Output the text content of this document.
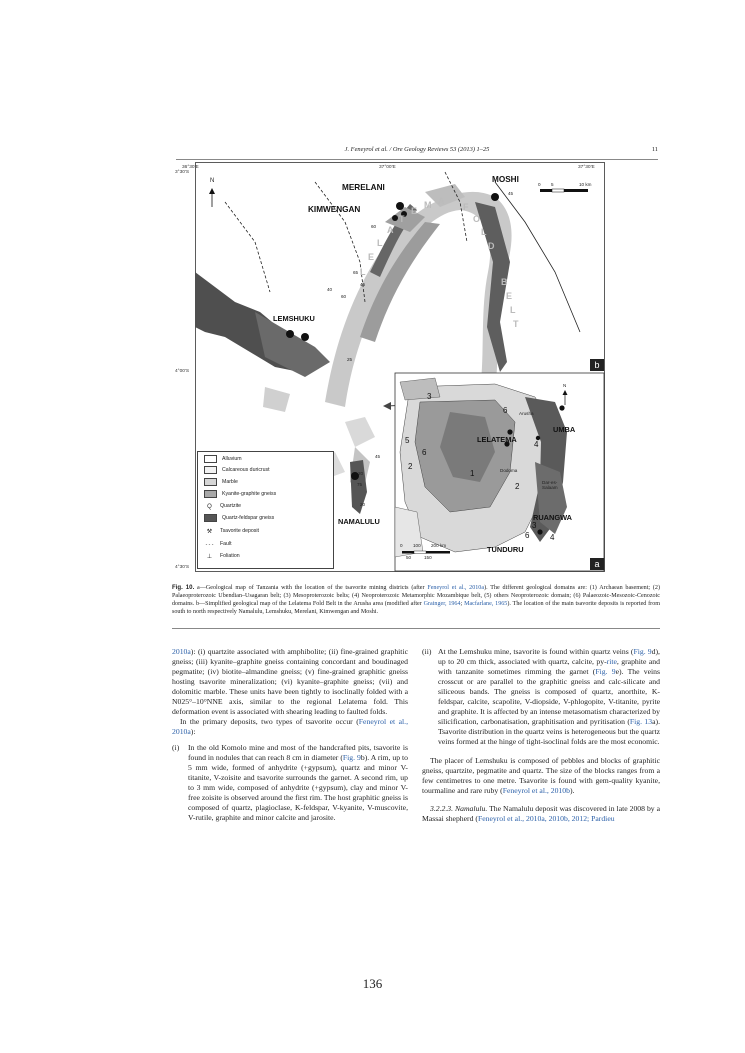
J. Feneyrol et al. / Ore Geology Reviews 53 (2013) 1–25	11
36°30'E	37°00'E	37°30'E
N
0 5	10 km
MERELANI
KIMWENGAN
MOSHI
LEMSHUKU
NAMALULU
L
E
L
A
T
E
M A
F
O
L
D
B
E
L
T
45
60
65
45
60
40
75
20
20
25
45
b
a
3°30'S
4°00'S
4°30'S
UMBA
LELATEMA
RUANGWA
TUNDURU
Arusha
Dodoma
Dar-es-
Salaam
N
3
6
5
6
2
1
2
4
6
3
4
0 100 200 km
50	150
Alluvium
Calcareous duricrust
Marble
Kyanite-graphite gneiss
Q Quartzite
Quartz-feldspar gneiss
⚒ Tsavorite deposit
- - - Fault
⊥ Foliation
Fig. 10. a—Geological map of Tanzania with the location of the tsavorite mining districts (after Feneyrol et al., 2010a). The different geological domains are: (1) Archaean basement; (2) Palaeoproterozoic Ubendian–Usagaran belt; (3) Mesoproterozoic belts; (4) Neoproterozoic Metamorphic Mozambique belt, (5) others Neoproterozoic domain; (6) Palaeozoic-Mesozoic-Cenozoic domains. b—Simplified geological map of the Lelatema Fold Belt in the Arusha area (modified after Grainger, 1964; Macfarlane, 1965). The location of the main tsavorite deposits is reported from south to north respectively Namalulu, Lemshuku, Merelani, Kimwengan and Moshi.

2010a): (i) quartzite associated with amphibolite; (ii) fine-grained graphitic gneiss; (iii) kyanite–graphite gneiss containing concordant and boudinaged pegmatite; (iv) biotite–almandine gneiss; (v) fine-grained graphitic gneiss hosting tsavorite mineralization; (vi) kyanite–graphite gneiss; (vii) and dolomitic marble. These units have been tightly to isoclinally folded with a N025°–10°NNE axis, similar to the regional Lelatema fold. This deformation event is associated with shearing leading to faulted folds.

In the primary deposits, two types of tsavorite occur (Feneyrol et al., 2010a):

(i) In the old Komolo mine and most of the handcrafted pits, tsavorite is found in nodules that can reach 8 cm in diameter (Fig. 9b). A rim, up to 5 mm wide, formed of anhydrite (+gypsum), quartz and minor V-titanite, V-zoisite and tsavorite surrounds the garnet. A second rim, up to 3 mm wide, composed of anhydrite (+gypsum), clay and minor V-free zoisite is observed around the first rim. The host graphitic gneiss is composed of quartz, plagioclase, K-feldspar, V-kyanite, V-muscovite, V-rutile, graphite and minor calcite and jarosite.
(ii) At the Lemshuku mine, tsavorite is found within quartz veins (Fig. 9d), up to 20 cm thick, associated with quartz, calcite, py-rite, graphite and with tanzanite sometimes rimming the garnet (Fig. 9e). The veins crosscut or are parallel to the graphitic gneiss and calc-silicate and siliceous bands. The gneiss is composed of quartz, anorthite, K-feldspar, calcite, scapolite, V-diopside, V-phlogopite, V-titanite, pyrite and graphite. It is affected by an intense metasomatism characterized by silicification, carbonatisation, graphitisation and pyritisation (Fig. 13a). Tsavorite distribution in the quartz veins is heterogeneous but the quartz veins formed at the hinge of tight-isoclinal folds are the most economic.

The placer of Lemshuku is composed of pebbles and blocks of graphitic gneiss, quartzite, pegmatite and quartz. The size of the blocks ranges from a few centimetres to one metre. Tsavorite is found with gem-quality kyanite, tourmaline and rare ruby (Feneyrol et al., 2010b).

3.2.2.3. Namalulu. The Namalulu deposit was discovered in late 2008 by a Massai shepherd (Feneyrol et al., 2010a, 2010b, 2012; Pardieu

136
